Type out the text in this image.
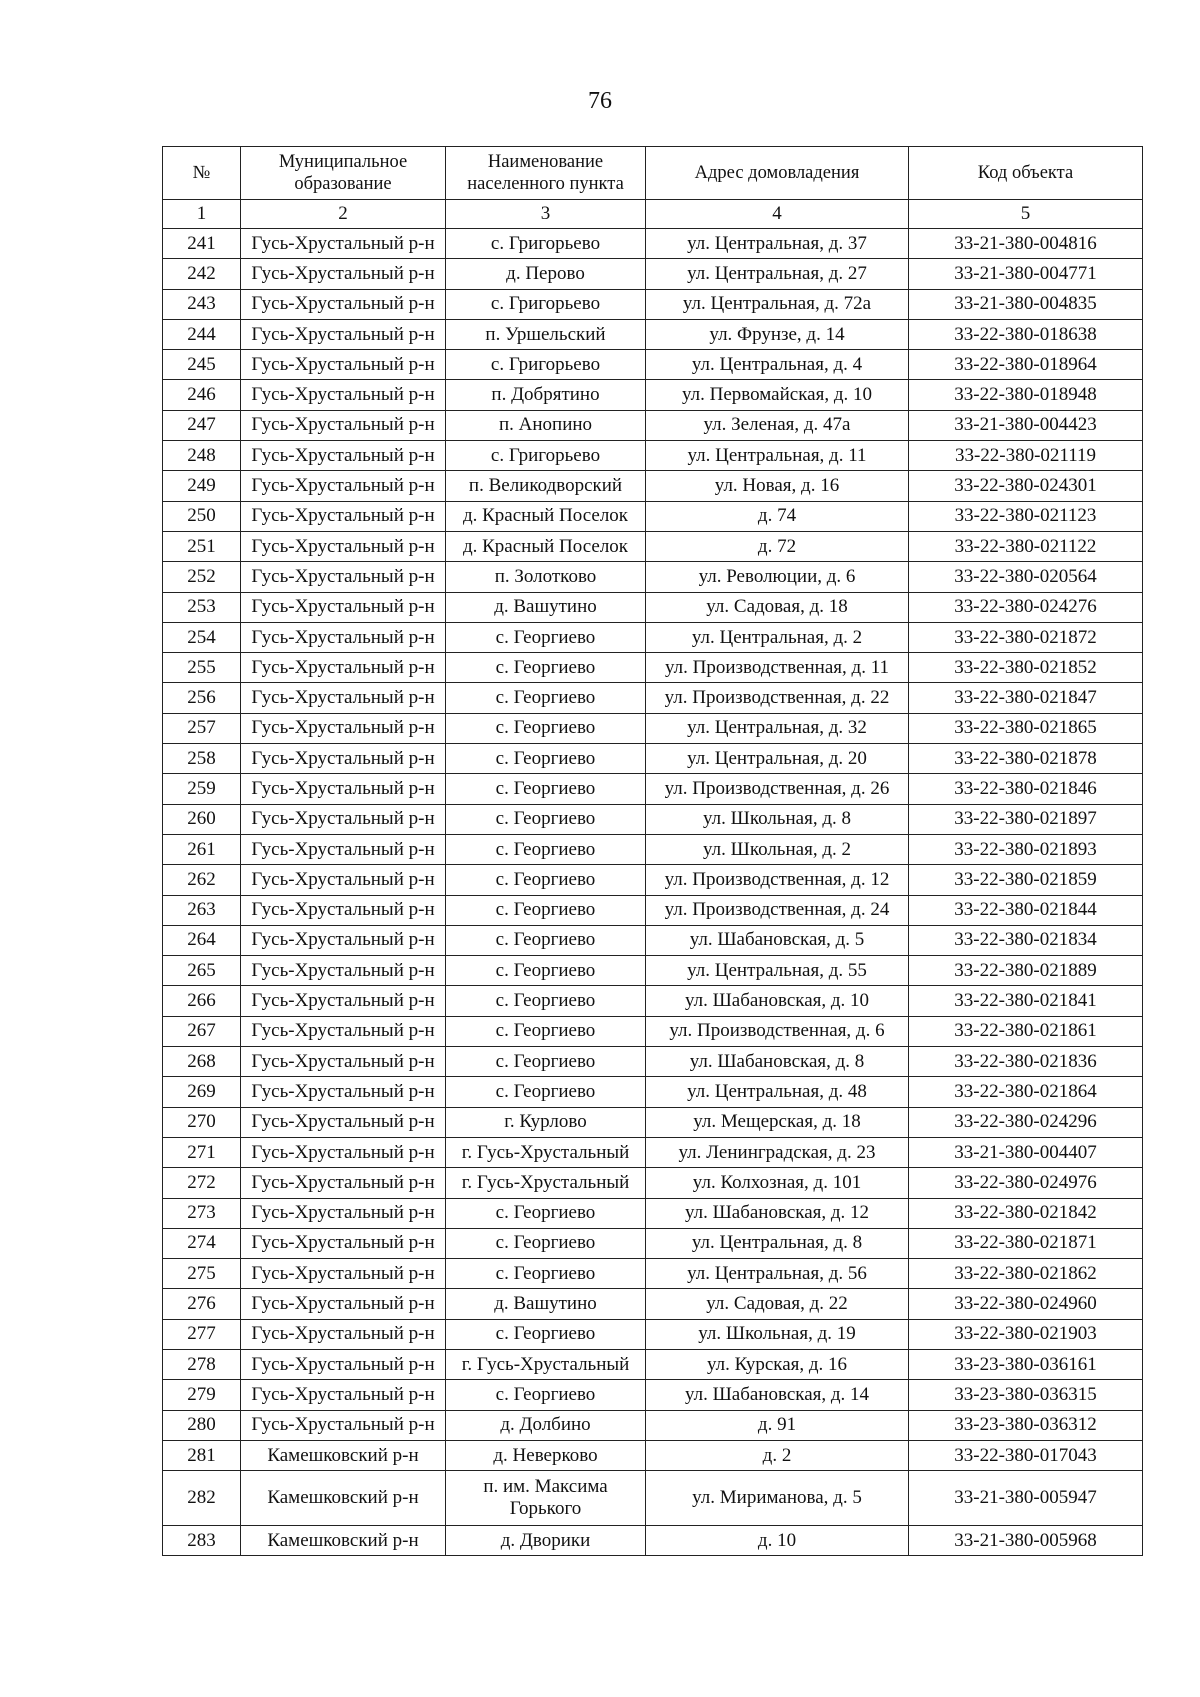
76
№	Муниципальное образование	Наименование населенного пункта	Адрес домовладения	Код объекта
1	2	3	4	5
241	Гусь-Хрустальный р-н	с. Григорьево	ул. Центральная, д. 37	33-21-380-004816
242	Гусь-Хрустальный р-н	д. Перово	ул. Центральная, д. 27	33-21-380-004771
243	Гусь-Хрустальный р-н	с. Григорьево	ул. Центральная, д. 72а	33-21-380-004835
244	Гусь-Хрустальный р-н	п. Уршельский	ул. Фрунзе, д. 14	33-22-380-018638
245	Гусь-Хрустальный р-н	с. Григорьево	ул. Центральная, д. 4	33-22-380-018964
246	Гусь-Хрустальный р-н	п. Добрятино	ул. Первомайская, д. 10	33-22-380-018948
247	Гусь-Хрустальный р-н	п. Анопино	ул. Зеленая, д. 47а	33-21-380-004423
248	Гусь-Хрустальный р-н	с. Григорьево	ул. Центральная, д. 11	33-22-380-021119
249	Гусь-Хрустальный р-н	п. Великодворский	ул. Новая, д. 16	33-22-380-024301
250	Гусь-Хрустальный р-н	д. Красный Поселок	д. 74	33-22-380-021123
251	Гусь-Хрустальный р-н	д. Красный Поселок	д. 72	33-22-380-021122
252	Гусь-Хрустальный р-н	п. Золотково	ул. Революции, д. 6	33-22-380-020564
253	Гусь-Хрустальный р-н	д. Вашутино	ул. Садовая, д. 18	33-22-380-024276
254	Гусь-Хрустальный р-н	с. Георгиево	ул. Центральная, д. 2	33-22-380-021872
255	Гусь-Хрустальный р-н	с. Георгиево	ул. Производственная, д. 11	33-22-380-021852
256	Гусь-Хрустальный р-н	с. Георгиево	ул. Производственная, д. 22	33-22-380-021847
257	Гусь-Хрустальный р-н	с. Георгиево	ул. Центральная, д. 32	33-22-380-021865
258	Гусь-Хрустальный р-н	с. Георгиево	ул. Центральная, д. 20	33-22-380-021878
259	Гусь-Хрустальный р-н	с. Георгиево	ул. Производственная, д. 26	33-22-380-021846
260	Гусь-Хрустальный р-н	с. Георгиево	ул. Школьная, д. 8	33-22-380-021897
261	Гусь-Хрустальный р-н	с. Георгиево	ул. Школьная, д. 2	33-22-380-021893
262	Гусь-Хрустальный р-н	с. Георгиево	ул. Производственная, д. 12	33-22-380-021859
263	Гусь-Хрустальный р-н	с. Георгиево	ул. Производственная, д. 24	33-22-380-021844
264	Гусь-Хрустальный р-н	с. Георгиево	ул. Шабановская, д. 5	33-22-380-021834
265	Гусь-Хрустальный р-н	с. Георгиево	ул. Центральная, д. 55	33-22-380-021889
266	Гусь-Хрустальный р-н	с. Георгиево	ул. Шабановская, д. 10	33-22-380-021841
267	Гусь-Хрустальный р-н	с. Георгиево	ул. Производственная, д. 6	33-22-380-021861
268	Гусь-Хрустальный р-н	с. Георгиево	ул. Шабановская, д. 8	33-22-380-021836
269	Гусь-Хрустальный р-н	с. Георгиево	ул. Центральная, д. 48	33-22-380-021864
270	Гусь-Хрустальный р-н	г. Курлово	ул. Мещерская, д. 18	33-22-380-024296
271	Гусь-Хрустальный р-н	г. Гусь-Хрустальный	ул. Ленинградская, д. 23	33-21-380-004407
272	Гусь-Хрустальный р-н	г. Гусь-Хрустальный	ул. Колхозная, д. 101	33-22-380-024976
273	Гусь-Хрустальный р-н	с. Георгиево	ул. Шабановская, д. 12	33-22-380-021842
274	Гусь-Хрустальный р-н	с. Георгиево	ул. Центральная, д. 8	33-22-380-021871
275	Гусь-Хрустальный р-н	с. Георгиево	ул. Центральная, д. 56	33-22-380-021862
276	Гусь-Хрустальный р-н	д. Вашутино	ул. Садовая, д. 22	33-22-380-024960
277	Гусь-Хрустальный р-н	с. Георгиево	ул. Школьная, д. 19	33-22-380-021903
278	Гусь-Хрустальный р-н	г. Гусь-Хрустальный	ул. Курская, д. 16	33-23-380-036161
279	Гусь-Хрустальный р-н	с. Георгиево	ул. Шабановская, д. 14	33-23-380-036315
280	Гусь-Хрустальный р-н	д. Долбино	д. 91	33-23-380-036312
281	Камешковский р-н	д. Неверково	д. 2	33-22-380-017043
282	Камешковский р-н	п. им. Максима Горького	ул. Мириманова, д. 5	33-21-380-005947
283	Камешковский р-н	д. Дворики	д. 10	33-21-380-005968
